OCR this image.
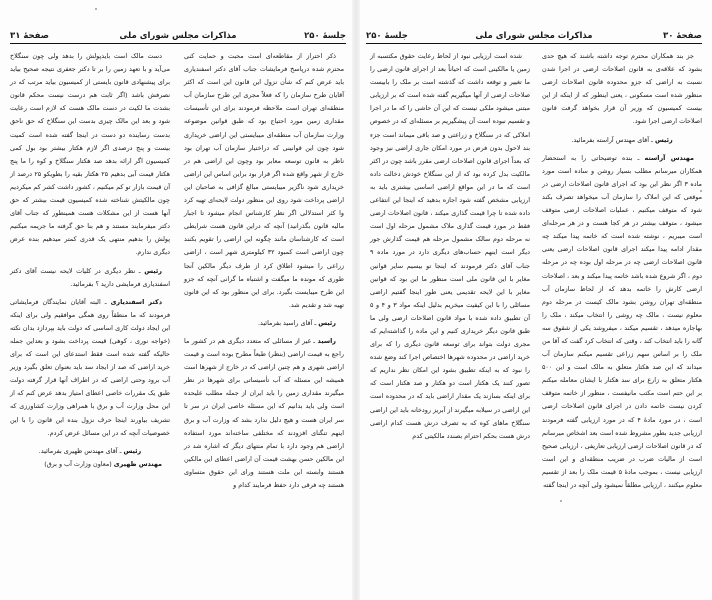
جلسهٔ ۲۵۰
مذاکرات مجلس شورای ملی
صفحهٔ ۳۱

ذکر احتراز از مقاطعه‌ای است محبت و حمایت کنی محترم شده درپاسخ فرمایشات جناب آقای دکتر اسفندیاری باید عرض کنم که شأن نزول این قانون این است که اکثر آقایان طرح سازمان را که فعلاً مجری این طرح سازمان آب منطقه‌ای تهران است ملاحظه فرمودند برای این تأسیسات مقداری زمین مورد احتیاج بود که طبق قوانین موضوعه وزارت سازمان آب منطقه‌ای میبایستی این اراضی خریداری شود چون این قوانینی که دراختیار سازمان آب تهران بود ناظر به قانون توسعه معابر بود وچون این اراضی هم در خارج از شهر واقع شده اگر قرار بود براین اساس این اراضی خریداری شود ناگزیر میبایستی مبالغ گزافی به صاحبان این اراضی پرداخت شود روی این منظور دولت لایحه‌ای تهیه کرد وا کثر استدلالی اگر نظر کارشناس انجام میشود تا اجبار مالیه قانون بگذرانید) آنچه که دراین قانون هست شرایطی است که کارشناسان مانند چگونه این اراضی را تقویم بکنند چون اراضی است کمبود ۳۲ کیلومتری شهر است ، اراضی زراعی را میشود اطلاق کرد از طرف دیگر مالکین آنجا طوری که مونده ما میگفت و اشتباه ما گرانی آنچه که جزو این طرح میبایست بگیرد. برای این منظور بود که این قانون تهیه شد و تقدیم شد.

رئیس ـ آقای راسید بفرمائید.

راسید ـ غیر از مسائلی که متعدد دیگری هم در کشور ما راجع به قیمت اراضی (بنظر) طبعاً مطرح بوده است و قیمت اراضی شهری و هم چنین اراضی که در خارج از شهرها است همیشه این مسئله که آب تأسیساتی برای شهرها در نظر میگیرند مقداری زمین را باید ایران از جمله مطلب علیحده است ولی باید بدانیم که این مسئله خاصی ایران در سر تا سر ایران هست و هیچ دلیل ندارد بشد که وزارت آب و برق اینهم تنگنای افزودند که مختلفی ساخته‌اند مورد استفاده اراضی هم وجود دارد با تمام منتهای دیگر که اشاره شد در این مالکین حسن بهشت قیمت آن اراضی اعطای این مالکین هستند وابسته این ملت هستند ورای این حقوق متساوی هستند چه فرقی دارد حفظ فرمایند کدام و

دست مالک است بایدپولش را بدهد ولی چون سنگلاخ می‌آید و با تعهد زمین را بر تا دکتر جعفری نتیجه صحیح بیاید برای پیشنهادی قانون بایستی از کمیسیون بیاید مرتب که در نصرفش باشد (اگر ثابت هم درست نیست محکم قانون بشدت ما لکیت در دست مالک هست که لازم است رعایت شود و بعد این مالک چیزی بدست این سنگلاخ که حق ناحق بدست رساینده دو دست در اینجا گفته شده است کمیت بیست و پنج درصدی اگر لازم هکتار بیشتر بود بول کمی کمیسیون اگر ارائه بدهد صد هکتار سنگلاخ و کوه را ما پنج هکتار قیمت آبی بدهیم ۲۵ هکتار بقیه را بطویکو ۲۵ درصد از آن قیمت بازار تو کم میکنیم ، کشور داشت کشر کم میکردیم چون مالکیتش شناخته شده کمیسیون قیمت بیشتر که حق آنها هست از این مشکلات هست همینطور که جناب آقای دکتر میفرمایند مستند و هم بنا حق گرفته ما جریمه میکنیم پولش را بدهیم منتهی یک قدری کمتر میدهیم بنده عرض دیگری ندارم.

رئیس ـ نظر دیگری در کلیات لایحه نیست آقای دکتر اسفندیاری فرمایشی دارید ؟ بفرمائید.

دکتر اسفندیاری ـ البته آقایان نمایندگان فرمایشاتی فرمودند که ما منطقاً روی همگی موافقیم ولی برای اینکه این ایجاد دولت کاری اساسی که دولت باید بپردازد بدان نکته (خواجه نوری ، کوهی) قیمت پرداخت بشود و بعداین جمله حالیکه گفته شده است فقط استدعای این است که برای خرید اراضی که صد از ایجاد سد باید بعنوان تعلق بگیرد وزیر آب برود وحتی اراضی که در اطراف آنها قرار گرفته دولت طبق یک مقررات خاصی اعطای امتیاز بدهد عرض کنم که از این محل وزارت آب و برق با همراهی وزارت کشاورزی که تشریف بیاورند اینجا حرف نزول بنده این قانون را با این خصوصیات آنچه که در این مسائل عرض کردم.

رئیس ـ آقای مهندس ظهیری بفرمائید.

مهندس ظهیری (معاون وزارت آب و برق)

صفحهٔ ۳۰
مذاکرات مجلس شورای ملی
جلسهٔ ۲۵۰

جز بند همکاران محترم توجه داشته باشند که هیچ حدی بشود که علاقه‌ی به قانون اصلاحات ارضی در اجرا شدن نسبت به اراضی که جزو محدوده قانون اصلاحات ارضی منظور شده است مسکونی ، یعنی اینطور که از اینکه از این بیست کمیسیون که وزیر آن قرار بخواهد گرفت قانون اصلاحات ارضی اجرا شود.

رئیس ـ آقای مهندس آراسته بفرمائید.

مهندس آراسته ـ بنده توضیحاتی را به استحضار همکاران میرسانم مطلب بسیار روشن و ساده است مورد ماده ۳ اگر نظر این بود که اجرای قانون اصلاحات ارضی در موقعی که این املاک را سازمان آب میخواهد تصرف بکند شود که متوقف میکنیم ، عملیات اصلاحات ارضی متوقف میشود ، متوقف بیشتر در هر کجا هست و در هر مرحله‌ای است میبریم ، نوشته شده است که خاتمه پیدا میکند چه مقدار ادامه پیدا میکند اجرای قانون اصلاحات ارضی یعنی قانون اصلاحات ارضی چه در مرحله اول بوده چه در مرحله دوم ، اگر شروع شده باشد خاتمه پیدا میکند و بعد ، اصلاحات ارضی کارش را خاتمه بدهد که از لحاظ سازمان آب منطقه‌ای تهران روشن بشود مالک کیست در مرحله دوم معلوم نیست ، مالک چه روشی را انتخاب میکند ، ملک را بهاجاره میدهد ، تقسیم میکند ، میفروشد یکی از شقوق سه گانه را باید انتخاب کند ، وقتی که انتخاب کرد گفت که آقا من ملک را بر اساس سهم زراعی تقسیم میکنم سازمان آب میداند که این صد هکتار متعلق به مالک است و این ۵۰۰ هکتار متعلق به زارع برای سد هکتار با ایشان معامله میکنم بر این حتم است مکتب مانیفست ، منظور از خاتمه متوقف کردن نیست خاتمه دادن در اجرای قانون اصلاحات ارضی است ، در مورد مادهٔ ۴ که در مورد ارزیابی گفته فرمودند ارزیابی جدید بطور مشروط شده است بعد اشخاص میرسانم که در قانون اصلاحات ارضی ارزیابی تعاریفی ، ارزیابی صحیح است از مالیات ضرب در ضریب منطقه‌ای و این است ارزیابی نیست ، بموجب مادهٔ ۵ قیمت ملک را بعد از تقسیم معلوم میکنند ، ارزیابی مطلقاً نمیشود ولی آنچه در اینجا گفته

شده است ارزیابی نبود از لحاظ رعایت حقوق مکتسبه از زمین یا مالکینی است که احیاناً بعد از اجرای قانون ارضی را ما تغییر و توقعه داشت که گذشته است بر ملک را بابیست صلاحات ارضی از آنها میگیریم گفته شده است که بر ارزیابی مبتنی میشود ملکی نیست که این آن حاشی را که ما در اجرا و تقسیم نبوده است آن پیشگیریم بر مسئله‌ای که در خصوص املاکی که در سنگلاخ و زراعتی و صد باقی میماند است جزء بند لاحول بدون فرض در مورد امکان جاری اراضی نیز وجود که بعداً اجرای قانون اصلاحات ارضی مقرر باشد چون در اکثر مالکیت بدل کرده بود که از این سنگلاخ خودش دخالت داده است که ما در این مواقع اراضی اساسی بیشتری باید به ارزیابی مشخص گفته شود اجازه بدهید که اینجا این انتفاعی داده شده تا چرا قیمت گذاری میکند ، قانون اصلاحات ارضی فقط در مورد قیمت گذاری ملاک مشمول مرحله اول است نه مرحله دوم سالک مشمول مرحله هم قیمت گذارش جور دیگر است اینهم حساب‌های دیگری دارد در مورد ماده ۹ جناب آقای دکتر فرمودند که اینجا تو بیسیم سایر قوانین مغایر با این قانون ملی است منظور ما این بود که قوانین مغایر با این لایحه تقدیمی یعنی طور اینجا گفتیم اراضی مسائلی را با این کیفیت میخریم بدلیل اینکه مواد ۳ و ۴ و ۵ آن تطبیق داده شده با مواد قانون اصلاحات ارضی ولی ما طبق قانون دیگر خریداری کنیم و این ماده را گذاشته‌ایم که مجری دولت بتواند برای توسعه قانون دیگری را که برای خرید اراضی در محدوده شهرها اختصاص اجرا کند وضع شده را نبود که به اینکه تطبیق بشود این امکان نظر نداریم که تصور کنند یک هکتار است دو هکتار و صد هکتار است که برای اینکه بسازند یک مقدار اراضی باید که در محدوده است این اراضی در سیلابه میگیرند از آبریز رودخانه باید این اراضی سنگلاخ ماهای کوه که به تصرف درش هست کدام اراضی درش هست بحکم احترام بصندد مالکیتی کدم
